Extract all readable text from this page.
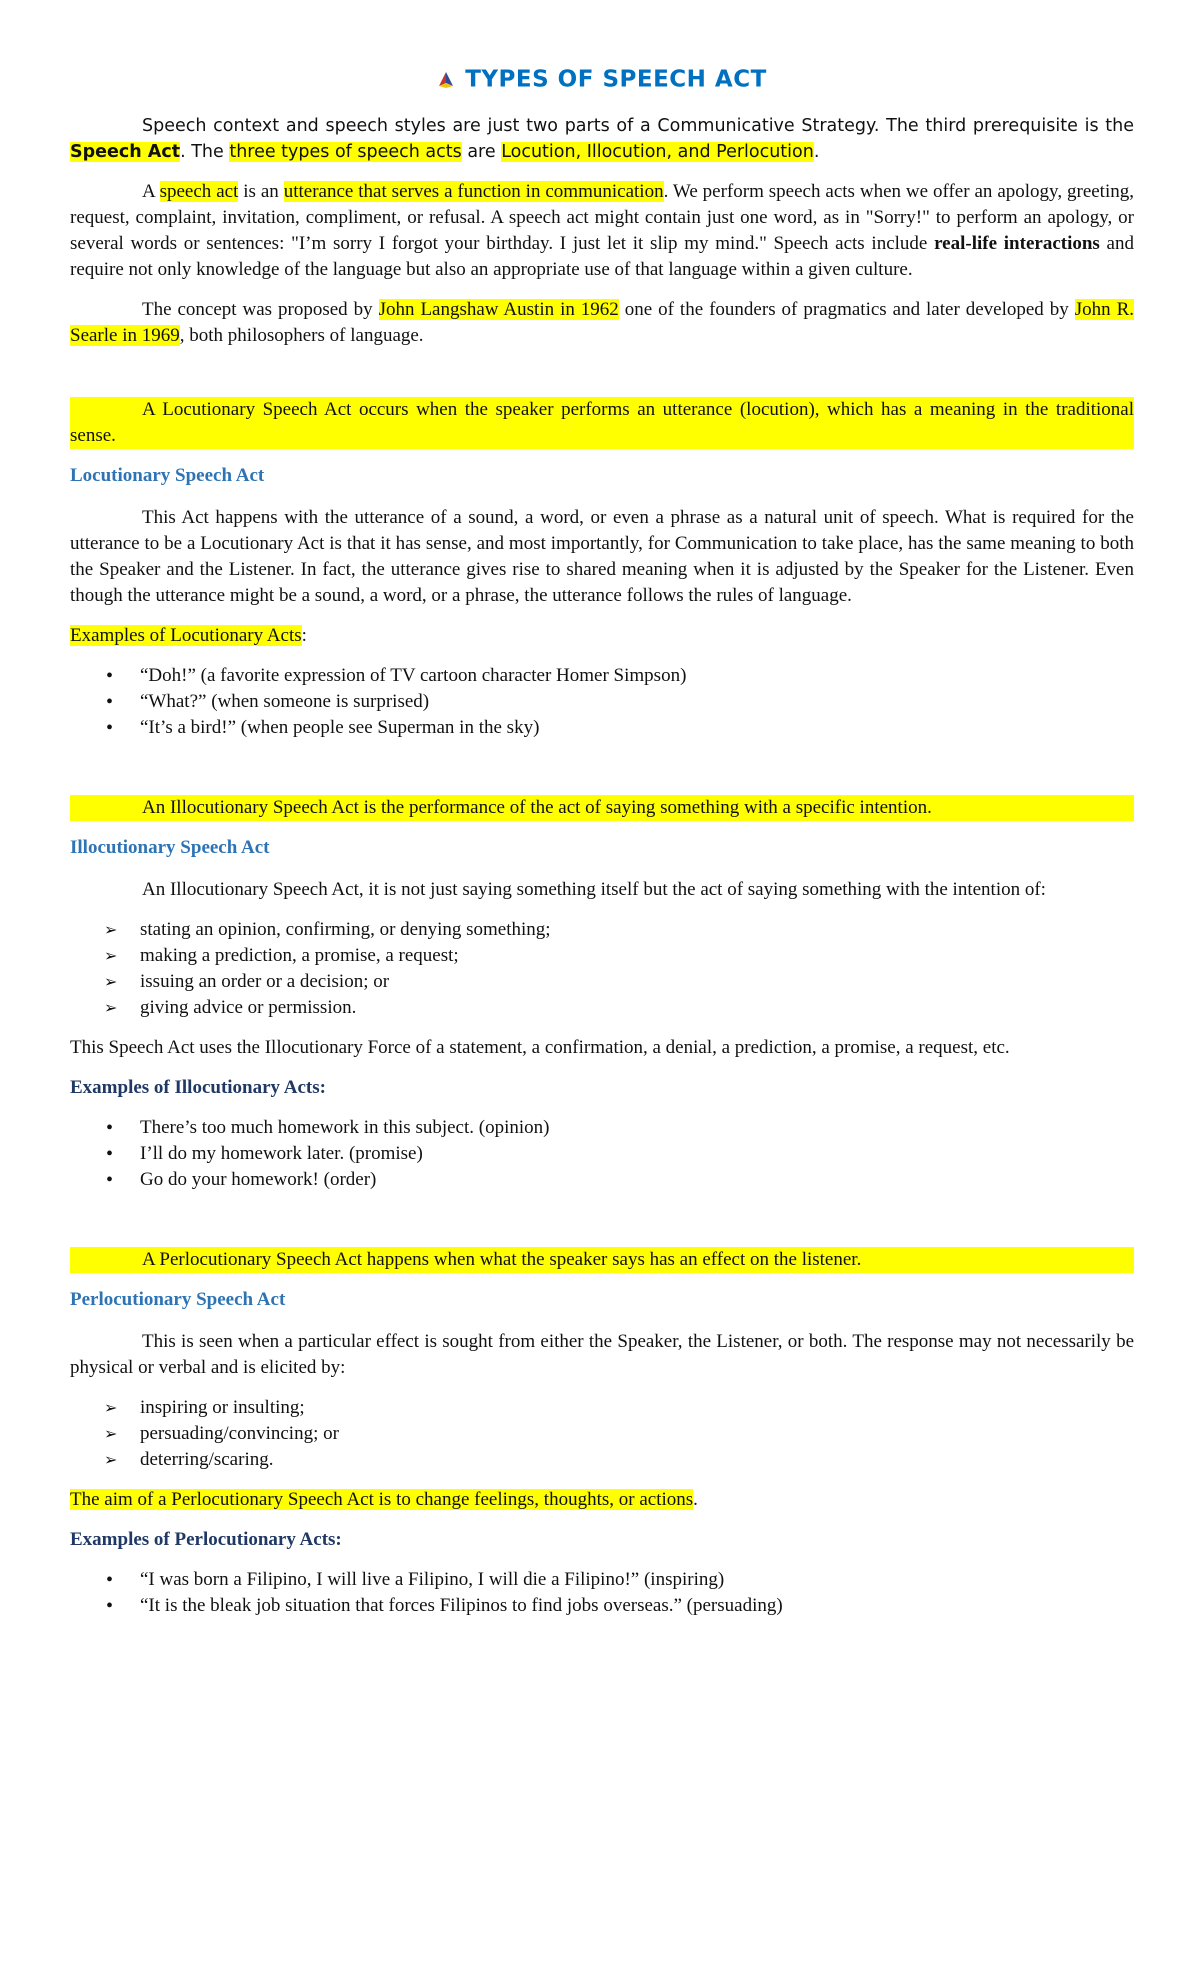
TYPES OF SPEECH ACT

Speech context and speech styles are just two parts of a Communicative Strategy. The third prerequisite is the Speech Act. The three types of speech acts are Locution, Illocution, and Perlocution.

A speech act is an utterance that serves a function in communication. We perform speech acts when we offer an apology, greeting, request, complaint, invitation, compliment, or refusal. A speech act might contain just one word, as in "Sorry!" to perform an apology, or several words or sentences: "I’m sorry I forgot your birthday. I just let it slip my mind." Speech acts include real-life interactions and require not only knowledge of the language but also an appropriate use of that language within a given culture.

The concept was proposed by John Langshaw Austin in 1962 one of the founders of pragmatics and later developed by John R. Searle in 1969, both philosophers of language.

A Locutionary Speech Act occurs when the speaker performs an utterance (locution), which has a meaning in the traditional sense.

Locutionary Speech Act

This Act happens with the utterance of a sound, a word, or even a phrase as a natural unit of speech. What is required for the utterance to be a Locutionary Act is that it has sense, and most importantly, for Communication to take place, has the same meaning to both the Speaker and the Listener. In fact, the utterance gives rise to shared meaning when it is adjusted by the Speaker for the Listener. Even though the utterance might be a sound, a word, or a phrase, the utterance follows the rules of language.

Examples of Locutionary Acts:

• “Doh!” (a favorite expression of TV cartoon character Homer Simpson)
• “What?” (when someone is surprised)
• “It’s a bird!” (when people see Superman in the sky)

An Illocutionary Speech Act is the performance of the act of saying something with a specific intention.

Illocutionary Speech Act

An Illocutionary Speech Act, it is not just saying something itself but the act of saying something with the intention of:

➢ stating an opinion, confirming, or denying something;
➢ making a prediction, a promise, a request;
➢ issuing an order or a decision; or
➢ giving advice or permission.

This Speech Act uses the Illocutionary Force of a statement, a confirmation, a denial, a prediction, a promise, a request, etc.

Examples of Illocutionary Acts:
• There’s too much homework in this subject. (opinion)
• I’ll do my homework later. (promise)
• Go do your homework! (order)

A Perlocutionary Speech Act happens when what the speaker says has an effect on the listener.

Perlocutionary Speech Act

This is seen when a particular effect is sought from either the Speaker, the Listener, or both. The response may not necessarily be physical or verbal and is elicited by:

➢ inspiring or insulting;
➢ persuading/convincing; or
➢ deterring/scaring.

The aim of a Perlocutionary Speech Act is to change feelings, thoughts, or actions.

Examples of Perlocutionary Acts:
• “I was born a Filipino, I will live a Filipino, I will die a Filipino!” (inspiring)
• “It is the bleak job situation that forces Filipinos to find jobs overseas.” (persuading)
